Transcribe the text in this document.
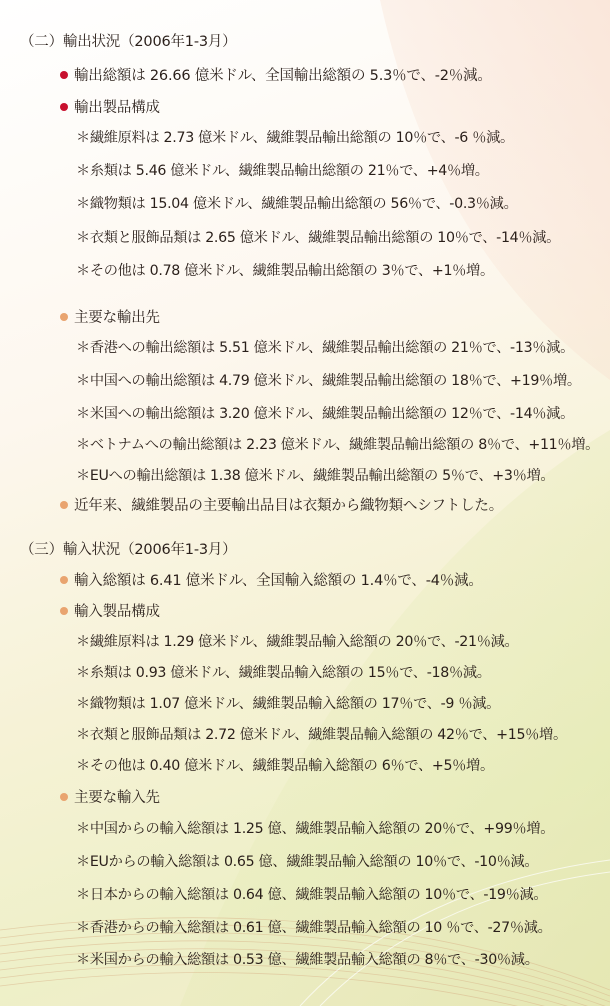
（二）輸出状況（2006年1-3月）
輸出総額は 26.66 億米ドル、全国輸出総額の 5.3％で、-2％減。
輸出製品構成
＊繊維原料は 2.73 億米ドル、繊維製品輸出総額の 10％で、-6 ％減。
＊糸類は 5.46 億米ドル、繊維製品輸出総額の 21％で、+4％増。
＊織物類は 15.04 億米ドル、繊維製品輸出総額の 56％で、-0.3％減。
＊衣類と服飾品類は 2.65 億米ドル、繊維製品輸出総額の 10％で、-14％減。
＊その他は 0.78 億米ドル、繊維製品輸出総額の 3％で、+1％増。
主要な輸出先
＊香港への輸出総額は 5.51 億米ドル、繊維製品輸出総額の 21％で、-13％減。
＊中国への輸出総額は 4.79 億米ドル、繊維製品輸出総額の 18％で、+19％増。
＊米国への輸出総額は 3.20 億米ドル、繊維製品輸出総額の 12％で、-14％減。
＊ベトナムへの輸出総額は 2.23 億米ドル、繊維製品輸出総額の 8％で、+11％増。
＊EUへの輸出総額は 1.38 億米ドル、繊維製品輸出総額の 5％で、+3％増。
近年来、繊維製品の主要輸出品目は衣類から織物類へシフトした。
（三）輸入状況（2006年1-3月）
輸入総額は 6.41 億米ドル、全国輸入総額の 1.4％で、-4％減。
輸入製品構成
＊繊維原料は 1.29 億米ドル、繊維製品輸入総額の 20％で、-21％減。
＊糸類は 0.93 億米ドル、繊維製品輸入総額の 15％で、-18％減。
＊織物類は 1.07 億米ドル、繊維製品輸入総額の 17％で、-9 ％減。
＊衣類と服飾品類は 2.72 億米ドル、繊維製品輸入総額の 42％で、+15％増。
＊その他は 0.40 億米ドル、繊維製品輸入総額の 6％で、+5％増。
主要な輸入先
＊中国からの輸入総額は 1.25 億、繊維製品輸入総額の 20％で、+99％増。
＊EUからの輸入総額は 0.65 億、繊維製品輸入総額の 10％で、-10％減。
＊日本からの輸入総額は 0.64 億、繊維製品輸入総額の 10％で、-19％減。
＊香港からの輸入総額は 0.61 億、繊維製品輸入総額の 10 ％で、-27％減。
＊米国からの輸入総額は 0.53 億、繊維製品輸入総額の 8％で、-30％減。
